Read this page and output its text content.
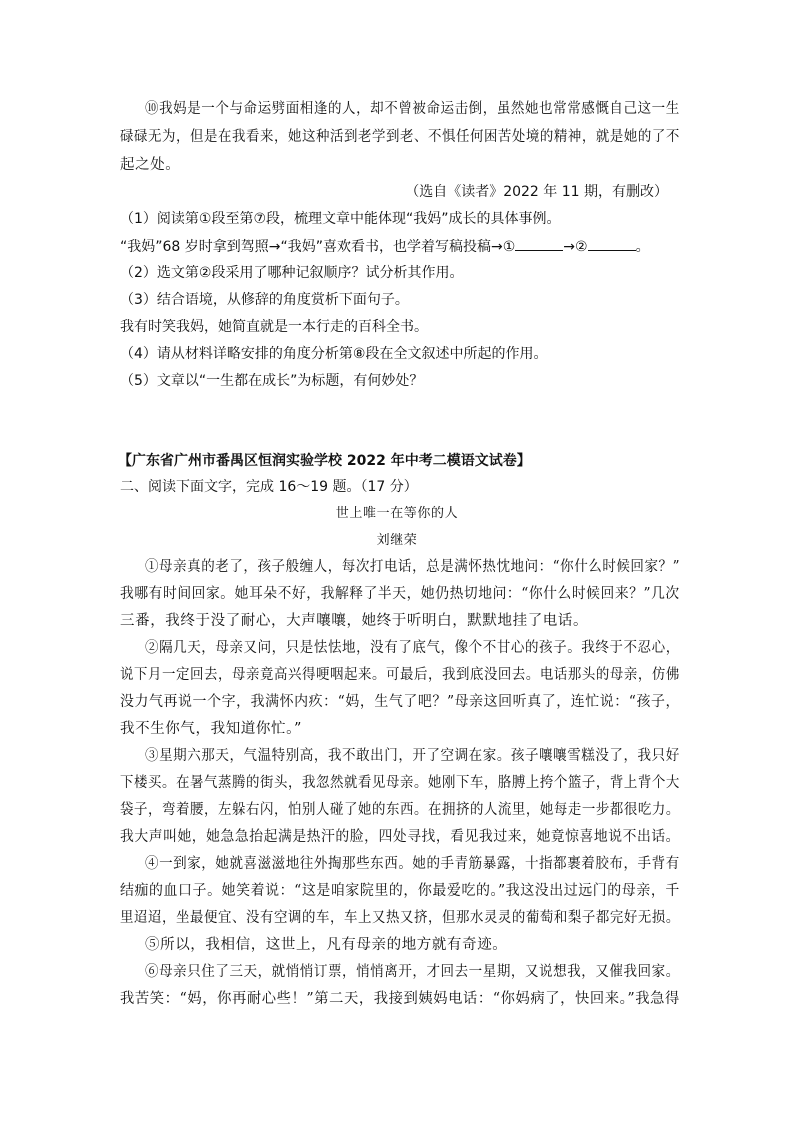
⑩我妈是一个与命运劈面相逢的人，却不曾被命运击倒，虽然她也常常感慨自己这一生
碌碌无为，但是在我看来，她这种活到老学到老、不惧任何困苦处境的精神，就是她的了不
起之处。
（选自《读者》2022 年 11 期，有删改）
（1）阅读第①段至第⑦段，梳理文章中能体现“我妈”成长的具体事例。
“我妈”68 岁时拿到驾照→“我妈”喜欢看书，也学着写稿投稿→①	→②	。
（2）选文第②段采用了哪种记叙顺序？试分析其作用。
（3）结合语境，从修辞的角度赏析下面句子。
我有时笑我妈，她简直就是一本行走的百科全书。
（4）请从材料详略安排的角度分析第⑧段在全文叙述中所起的作用。
（5）文章以“一生都在成长”为标题，有何妙处？
【广东省广州市番禺区恒润实验学校 2022 年中考二模语文试卷】
二、阅读下面文字，完成 16～19 题。（17 分）
世上唯一在等你的人
刘继荣
①母亲真的老了，孩子般缠人，每次打电话，总是满怀热忱地问：“你什么时候回家？”
我哪有时间回家。她耳朵不好，我解释了半天，她仍热切地问：“你什么时候回来？”几次
三番，我终于没了耐心，大声嚷嚷，她终于听明白，默默地挂了电话。
②隔几天，母亲又问，只是怯怯地，没有了底气，像个不甘心的孩子。我终于不忍心，
说下月一定回去，母亲竟高兴得哽咽起来。可最后，我到底没回去。电话那头的母亲，仿佛
没力气再说一个字，我满怀内疚：“妈，生气了吧？”母亲这回听真了，连忙说：“孩子，
我不生你气，我知道你忙。”
③星期六那天，气温特别高，我不敢出门，开了空调在家。孩子嚷嚷雪糕没了，我只好
下楼买。在暑气蒸腾的街头，我忽然就看见母亲。她刚下车，胳膊上挎个篮子，背上背个大
袋子，弯着腰，左躲右闪，怕别人碰了她的东西。在拥挤的人流里，她每走一步都很吃力。
我大声叫她，她急急抬起满是热汗的脸，四处寻找，看见我过来，她竟惊喜地说不出话。
④一到家，她就喜滋滋地往外掏那些东西。她的手青筋暴露，十指都裹着胶布，手背有
结痂的血口子。她笑着说：“这是咱家院里的，你最爱吃的。”我这没出过远门的母亲，千
里迢迢，坐最便宜、没有空调的车，车上又热又挤，但那水灵灵的葡萄和梨子都完好无损。
⑤所以，我相信，这世上，凡有母亲的地方就有奇迹。
⑥母亲只住了三天，就悄悄订票，悄悄离开，才回去一星期，又说想我，又催我回家。
我苦笑：“妈，你再耐心些！”第二天，我接到姨妈电话：“你妈病了，快回来。”我急得
